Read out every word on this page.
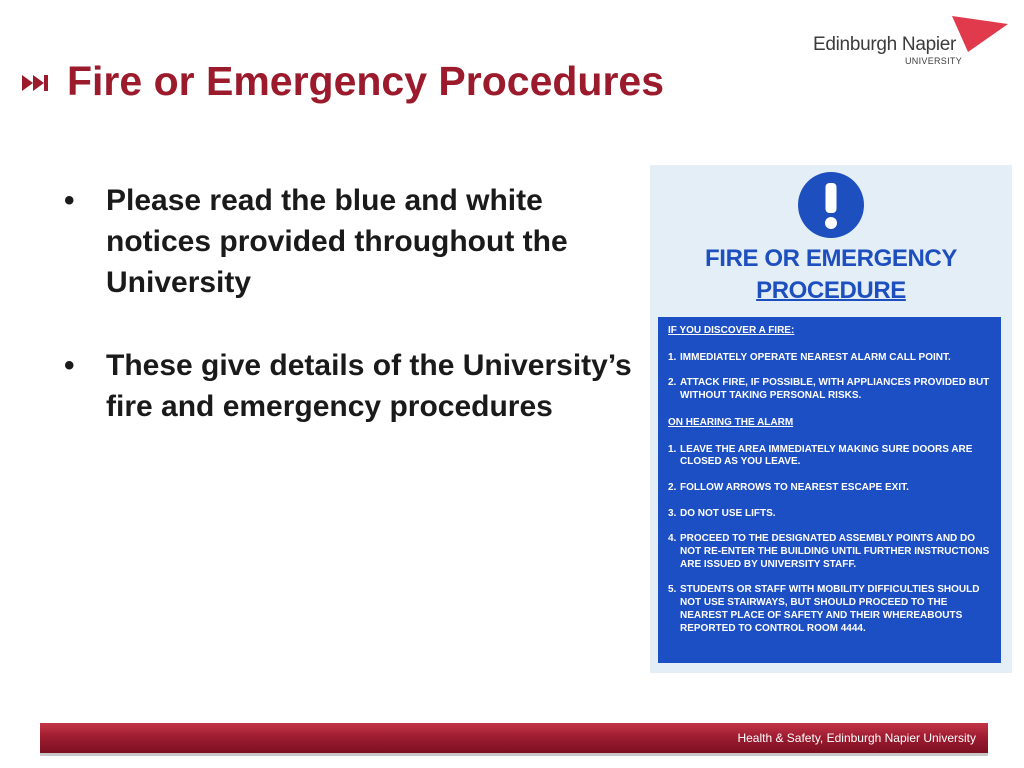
Edinburgh Napier
UNIVERSITY
Fire or Emergency Procedures
• Please read the blue and white notices provided throughout the University
• These give details of the University’s fire and emergency procedures
FIRE OR EMERGENCY
PROCEDURE
IF YOU DISCOVER A FIRE:
1. IMMEDIATELY OPERATE NEAREST ALARM CALL POINT.
2. ATTACK FIRE, IF POSSIBLE, WITH APPLIANCES PROVIDED BUT WITHOUT TAKING PERSONAL RISKS.
ON HEARING THE ALARM
1. LEAVE THE AREA IMMEDIATELY MAKING SURE DOORS ARE CLOSED AS YOU LEAVE.
2. FOLLOW ARROWS TO NEAREST ESCAPE EXIT.
3. DO NOT USE LIFTS.
4. PROCEED TO THE DESIGNATED ASSEMBLY POINTS AND DO NOT RE-ENTER THE BUILDING UNTIL FURTHER INSTRUCTIONS ARE ISSUED BY UNIVERSITY STAFF.
5. STUDENTS OR STAFF WITH MOBILITY DIFFICULTIES SHOULD NOT USE STAIRWAYS, BUT SHOULD PROCEED TO THE NEAREST PLACE OF SAFETY AND THEIR WHEREABOUTS REPORTED TO CONTROL ROOM 4444.
Health & Safety, Edinburgh Napier University
